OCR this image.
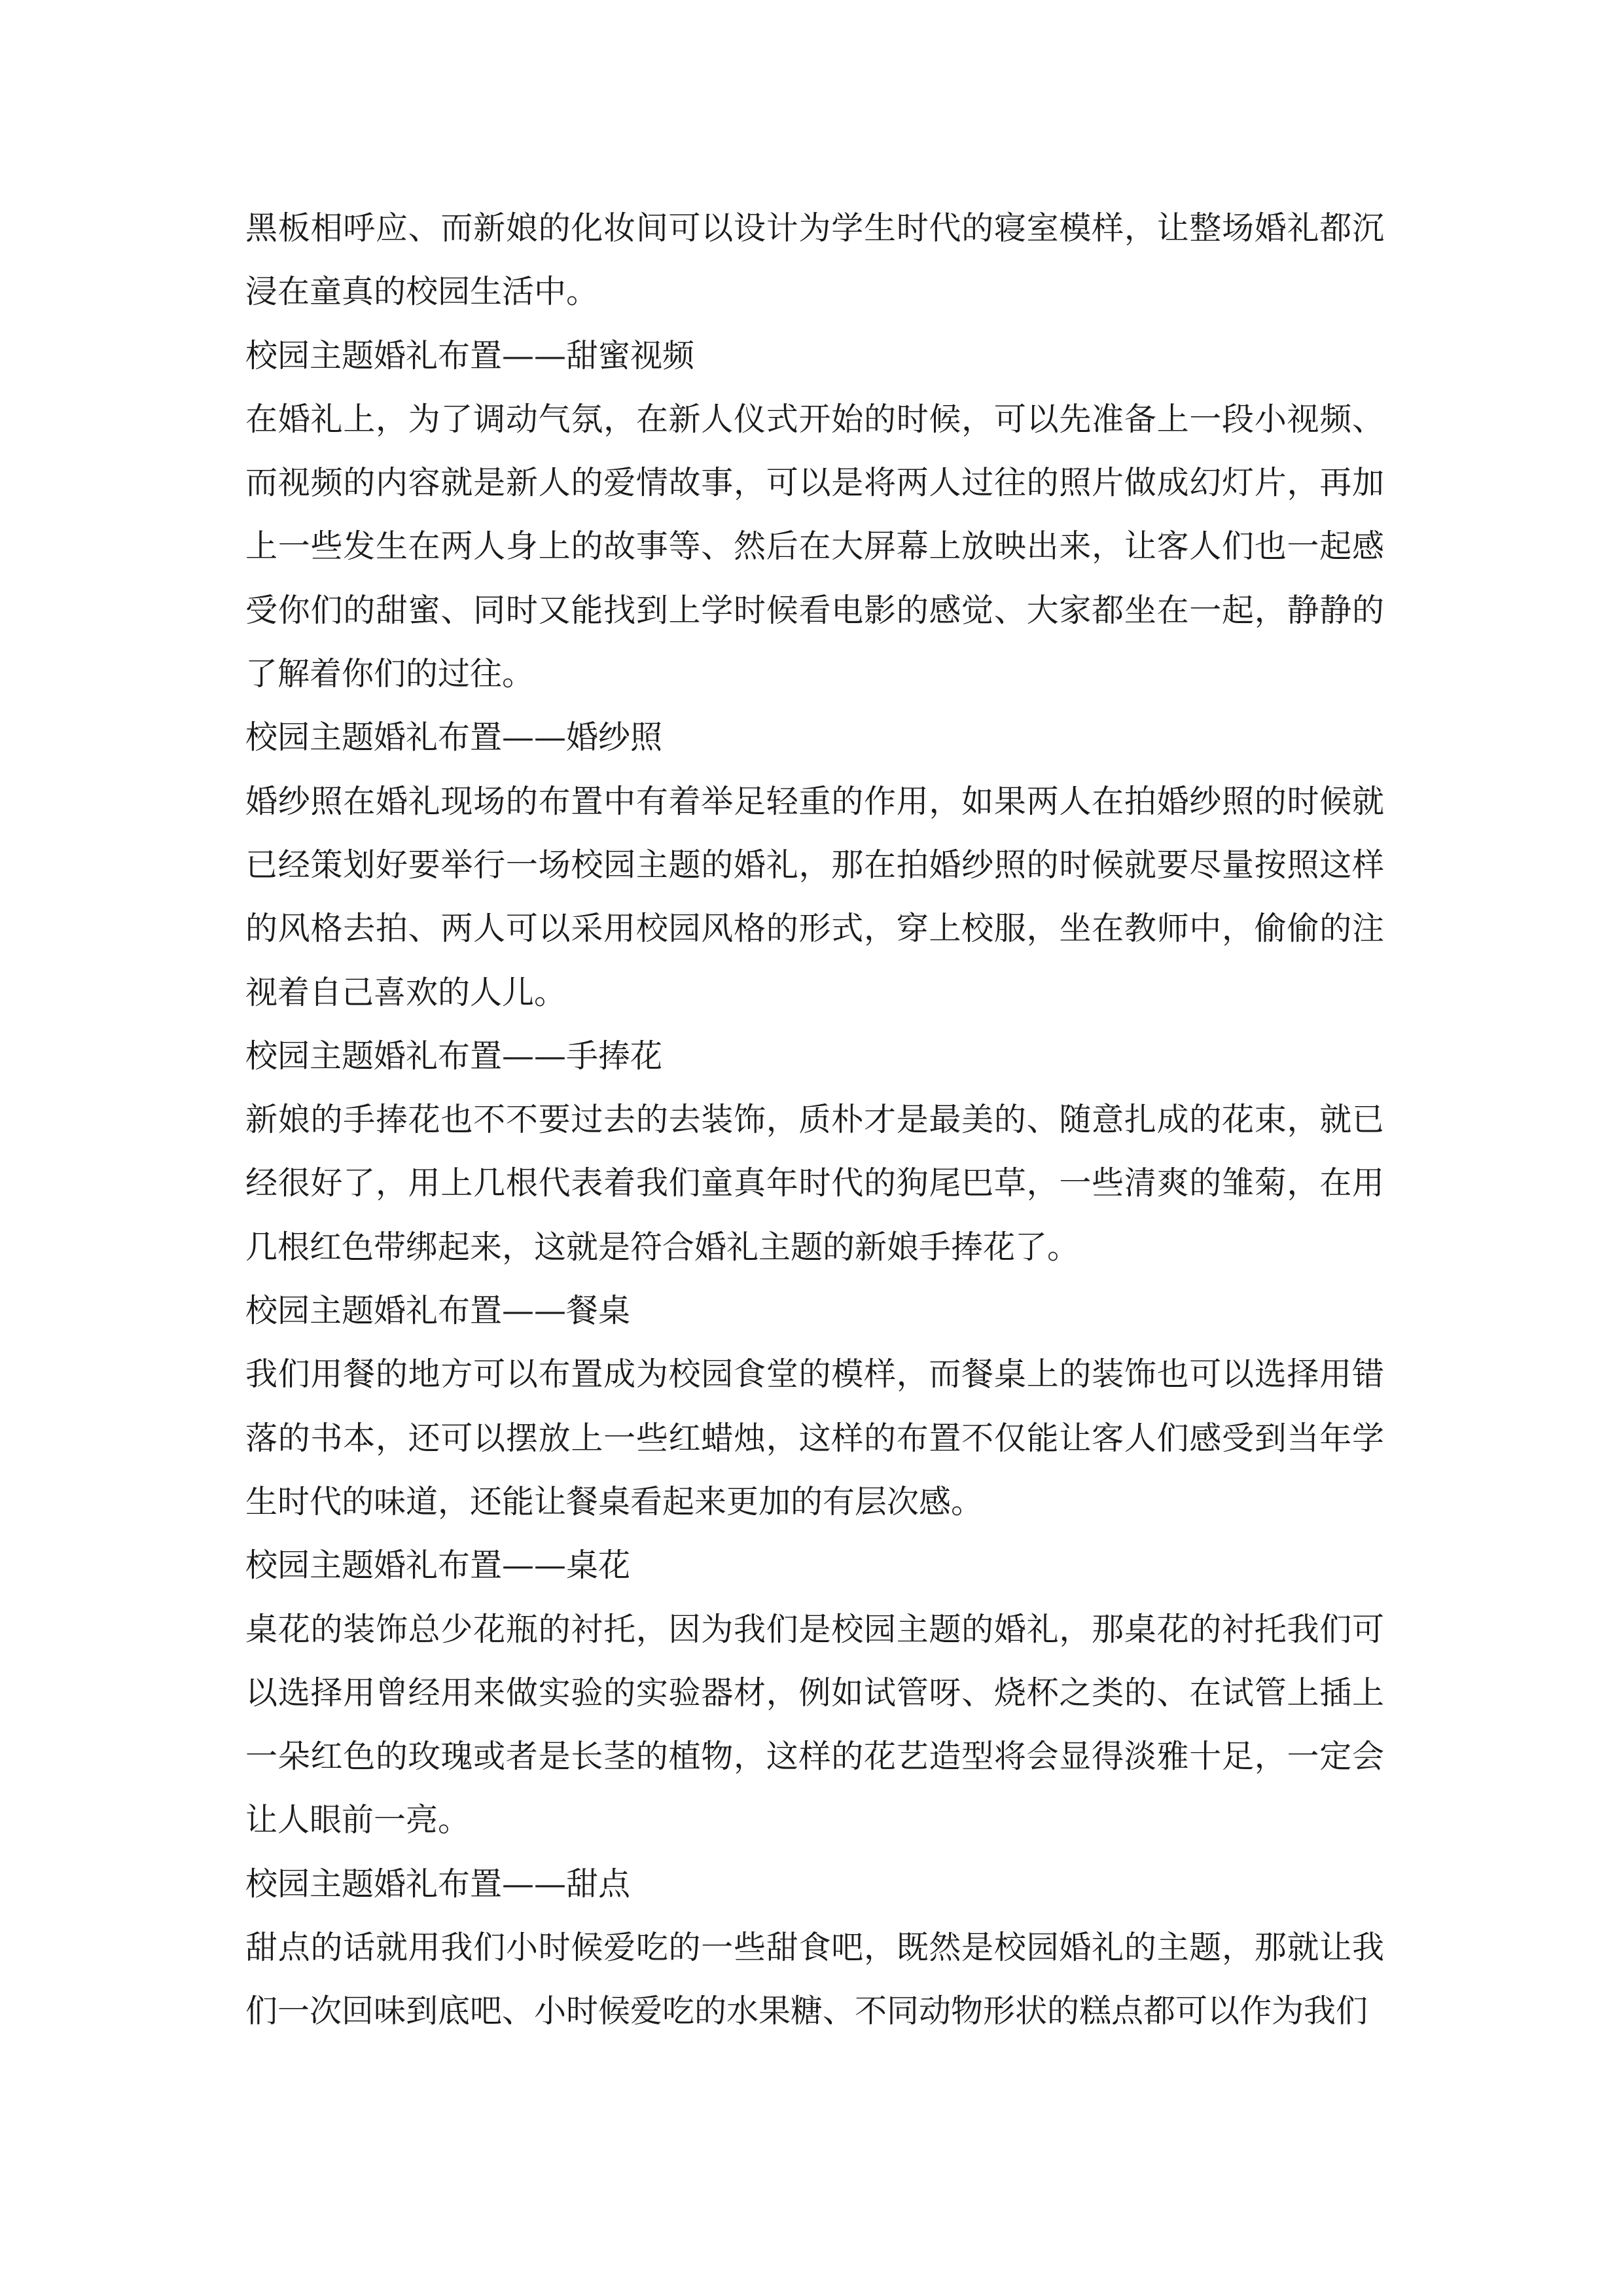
黑板相呼应、而新娘的化妆间可以设计为学生时代的寝室模样，让整场婚礼都沉浸在童真的校园生活中。

校园主题婚礼布置——甜蜜视频

在婚礼上，为了调动气氛，在新人仪式开始的时候，可以先准备上一段小视频、而视频的内容就是新人的爱情故事，可以是将两人过往的照片做成幻灯片，再加上一些发生在两人身上的故事等、然后在大屏幕上放映出来，让客人们也一起感受你们的甜蜜、同时又能找到上学时候看电影的感觉、大家都坐在一起，静静的了解着你们的过往。

校园主题婚礼布置——婚纱照

婚纱照在婚礼现场的布置中有着举足轻重的作用，如果两人在拍婚纱照的时候就已经策划好要举行一场校园主题的婚礼，那在拍婚纱照的时候就要尽量按照这样的风格去拍、两人可以采用校园风格的形式，穿上校服，坐在教师中，偷偷的注视着自己喜欢的人儿。

校园主题婚礼布置——手捧花

新娘的手捧花也不不要过去的去装饰，质朴才是最美的、随意扎成的花束，就已经很好了，用上几根代表着我们童真年时代的狗尾巴草，一些清爽的雏菊，在用几根红色带绑起来，这就是符合婚礼主题的新娘手捧花了。

校园主题婚礼布置——餐桌

我们用餐的地方可以布置成为校园食堂的模样，而餐桌上的装饰也可以选择用错落的书本，还可以摆放上一些红蜡烛，这样的布置不仅能让客人们感受到当年学生时代的味道，还能让餐桌看起来更加的有层次感。

校园主题婚礼布置——桌花

桌花的装饰总少花瓶的衬托，因为我们是校园主题的婚礼，那桌花的衬托我们可以选择用曾经用来做实验的实验器材，例如试管呀、烧杯之类的、在试管上插上一朵红色的玫瑰或者是长茎的植物，这样的花艺造型将会显得淡雅十足，一定会让人眼前一亮。

校园主题婚礼布置——甜点

甜点的话就用我们小时候爱吃的一些甜食吧，既然是校园婚礼的主题，那就让我们一次回味到底吧、小时候爱吃的水果糖、不同动物形状的糕点都可以作为我们
